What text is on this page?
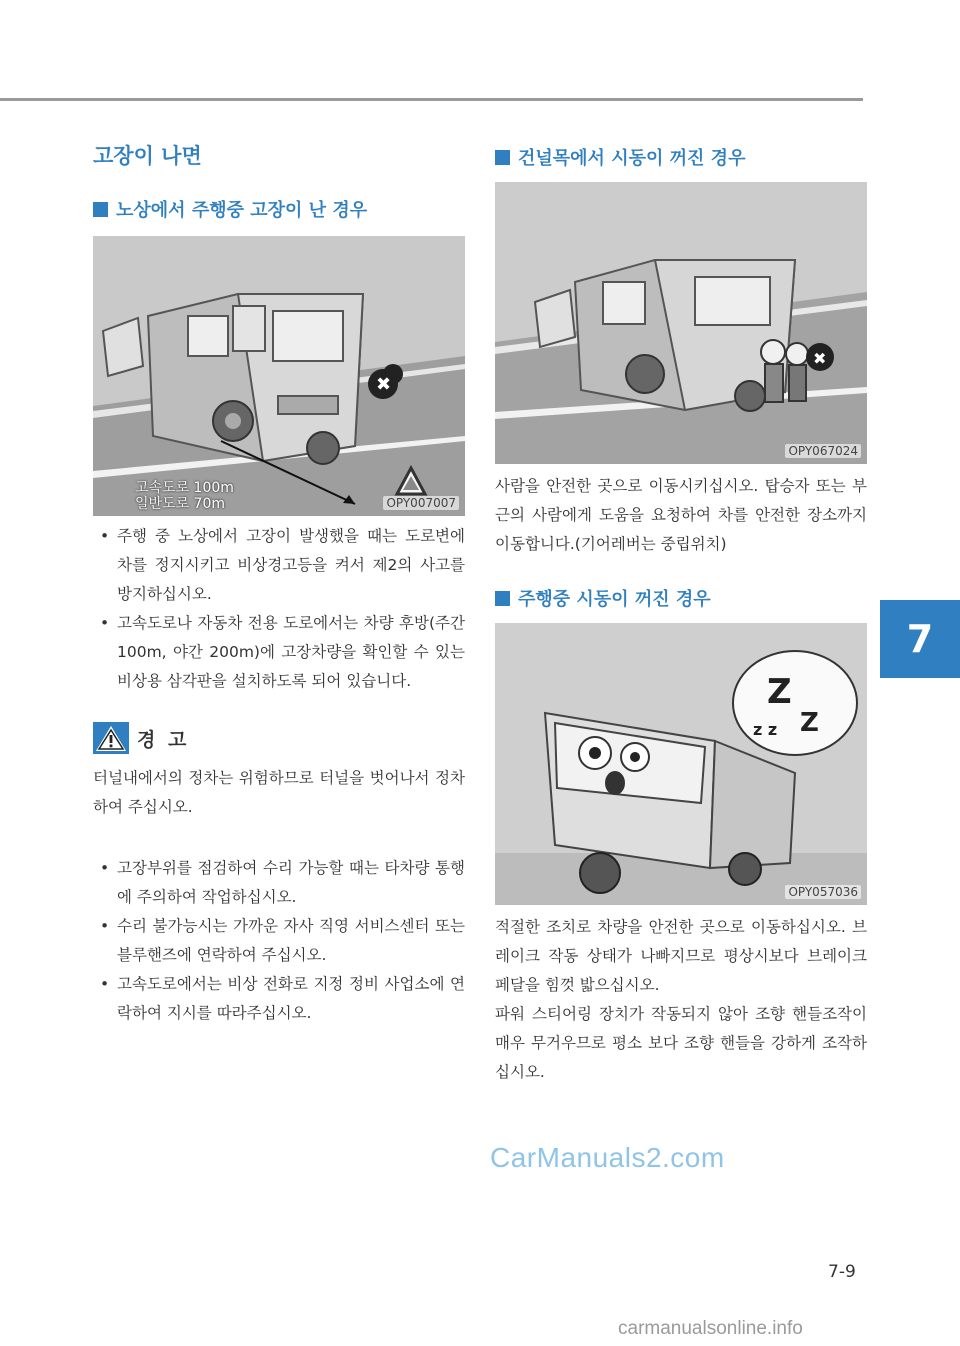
7
고장이 나면
노상에서 주행중 고장이 난 경우
✖
고속도로 100m
일반도로 70m	OPY007007
• 주행 중 노상에서 고장이 발생했을 때는 도로변에 차를 정지시키고 비상경고등을 켜서 제2의 사고를 방지하십시오.
• 고속도로나 자동차 전용 도로에서는 차량 후방(주간 100m, 야간 200m)에 고장차량을 확인할 수 있는 비상용 삼각판을 설치하도록 되어 있습니다.
경 고

터널내에서의 정차는 위험하므로 터널을 벗어나서 정차하여 주십시오.

• 고장부위를 점검하여 수리 가능할 때는 타차량 통행에 주의하여 작업하십시오.
• 수리 불가능시는 가까운 자사 직영 서비스센터 또는 블루핸즈에 연락하여 주십시오.
• 고속도로에서는 비상 전화로 지정 정비 사업소에 연락하여 지시를 따라주십시오.
건널목에서 시동이 꺼진 경우
✖
OPY067024

사람을 안전한 곳으로 이동시키십시오. 탑승자 또는 부근의 사람에게 도움을 요청하여 차를 안전한 장소까지 이동합니다.(기어레버는 중립위치)

주행중 시동이 꺼진 경우
Z
Z
z z
OPY057036

적절한 조치로 차량을 안전한 곳으로 이동하십시오. 브레이크 작동 상태가 나빠지므로 평상시보다 브레이크 페달을 힘껏 밟으십시오.

파워 스티어링 장치가 작동되지 않아 조향 핸들조작이 매우 무거우므로 평소 보다 조향 핸들을 강하게 조작하십시오.

CarManuals2.com
7-9
carmanualsonline.info
